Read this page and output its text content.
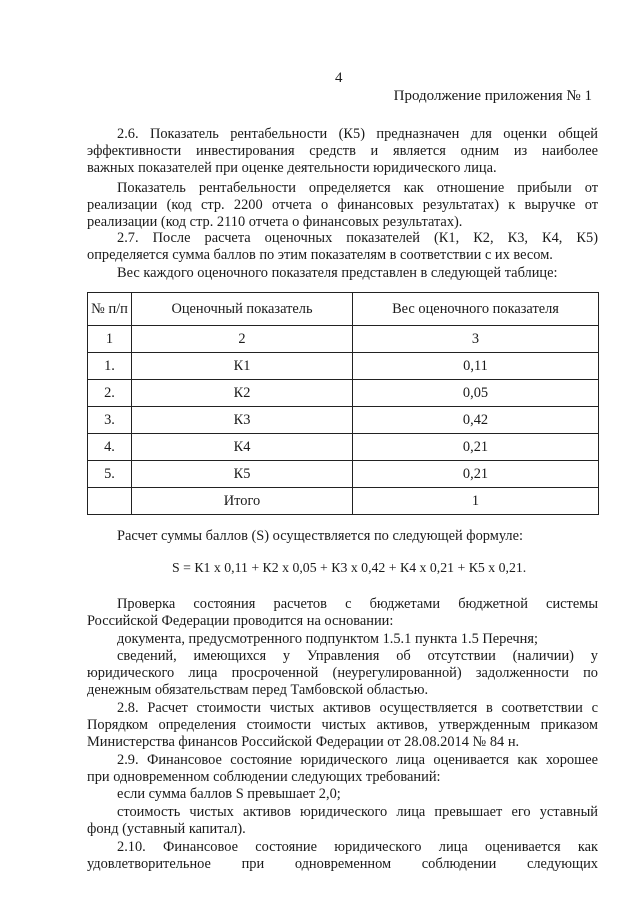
4
Продолжение приложения № 1
2.6. Показатель рентабельности (К5) предназначен для оценки общей
эффективности инвестирования средств и является одним из наиболее
важных показателей при оценке деятельности юридического лица.
Показатель рентабельности определяется как отношение прибыли от
реализации (код стр. 2200 отчета о финансовых результатах) к выручке от
реализации (код стр. 2110 отчета о финансовых результатах).
2.7. После расчета оценочных показателей (К1, К2, К3, К4, К5)
определяется сумма баллов по этим показателям в соответствии с их весом.
Вес каждого оценочного показателя представлен в следующей таблице:
№ п/п	Оценочный показатель	Вес оценочного показателя
1	2	3
1.	К1	0,11
2.	К2	0,05
3.	К3	0,42
4.	К4	0,21
5.	К5	0,21
	Итого	1
Расчет суммы баллов (S) осуществляется по следующей формуле:
S = К1 х 0,11 + К2 х 0,05 + К3 х 0,42 + К4 х 0,21 + К5 х 0,21.
Проверка состояния расчетов с бюджетами бюджетной системы
Российской Федерации проводится на основании:
документа, предусмотренного подпунктом 1.5.1 пункта 1.5 Перечня;
сведений, имеющихся у Управления об отсутствии (наличии) у
юридического лица просроченной (неурегулированной) задолженности по
денежным обязательствам перед Тамбовской областью.
2.8. Расчет стоимости чистых активов осуществляется в соответствии с
Порядком определения стоимости чистых активов, утвержденным приказом
Министерства финансов Российской Федерации от 28.08.2014 № 84 н.
2.9. Финансовое состояние юридического лица оценивается как хорошее
при одновременном соблюдении следующих требований:
если сумма баллов S превышает 2,0;
стоимость чистых активов юридического лица превышает его уставный
фонд (уставный капитал).
2.10. Финансовое состояние юридического лица оценивается как
удовлетворительное при одновременном соблюдении следующих
